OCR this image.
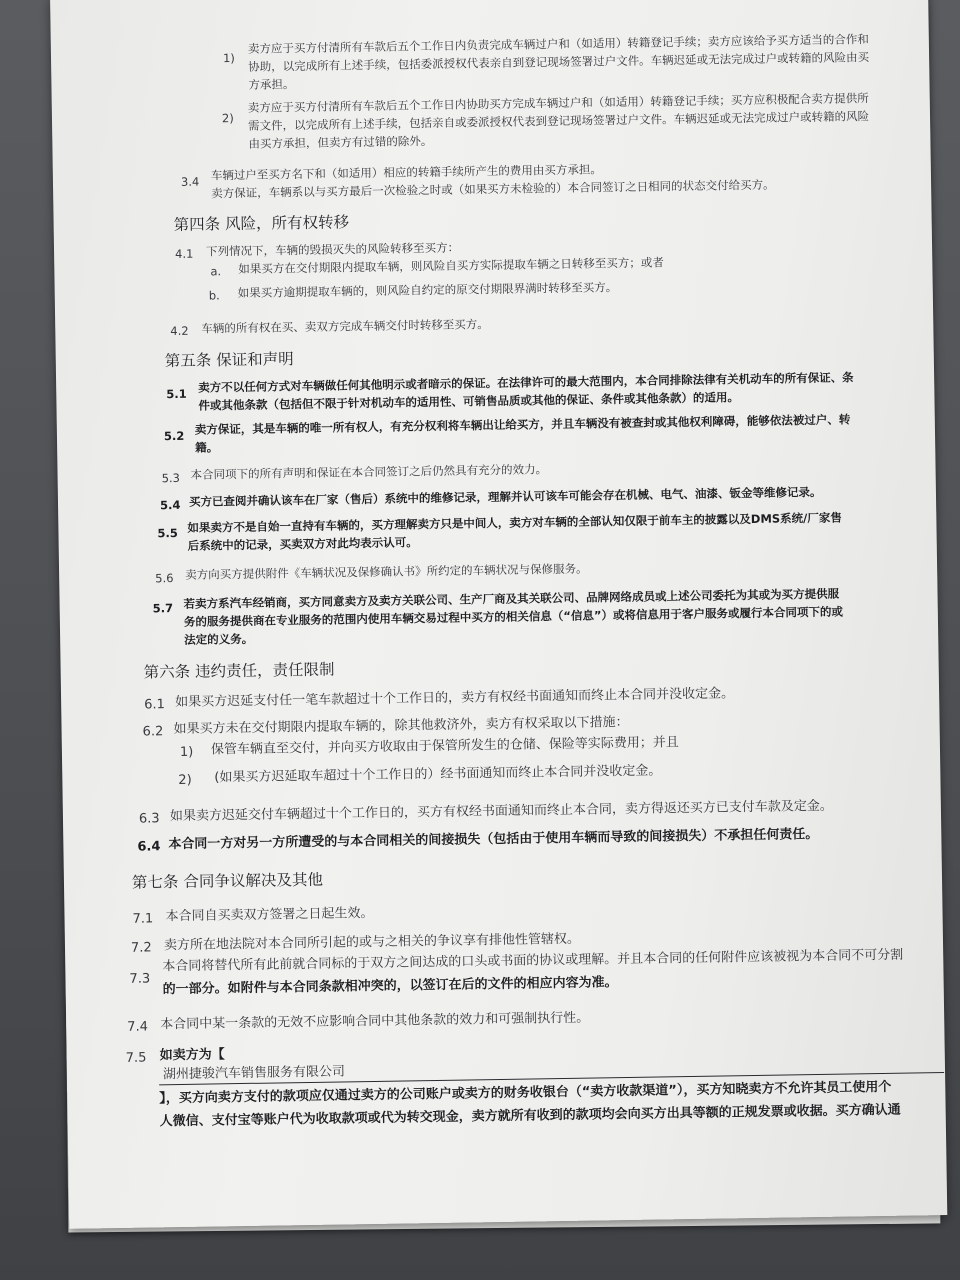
1)
卖方应于买方付清所有车款后五个工作日内负责完成车辆过户和（如适用）转籍登记手续；卖方应该给予买方适当的合作和
协助，以完成所有上述手续，包括委派授权代表亲自到登记现场签署过户文件。车辆迟延或无法完成过户或转籍的风险由买
方承担。
2)
卖方应于买方付清所有车款后五个工作日内协助买方完成车辆过户和（如适用）转籍登记手续；买方应积极配合卖方提供所
需文件，以完成所有上述手续，包括亲自或委派授权代表到登记现场签署过户文件。车辆迟延或无法完成过户或转籍的风险
由买方承担，但卖方有过错的除外。
3.4 车辆过户至买方名下和（如适用）相应的转籍手续所产生的费用由买方承担。
卖方保证，车辆系以与买方最后一次检验之时或（如果买方未检验的）本合同签订之日相同的状态交付给买方。
第四条 风险，所有权转移
4.1 下列情况下，车辆的毁损灭失的风险转移至买方：
a. 如果买方在交付期限内提取车辆，则风险自买方实际提取车辆之日转移至买方；或者
b. 如果买方逾期提取车辆的，则风险自约定的原交付期限界满时转移至买方。
4.2 车辆的所有权在买、卖双方完成车辆交付时转移至买方。
第五条 保证和声明
5.1 卖方不以任何方式对车辆做任何其他明示或者暗示的保证。在法律许可的最大范围内，本合同排除法律有关机动车的所有保证、条
件或其他条款（包括但不限于针对机动车的适用性、可销售品质或其他的保证、条件或其他条款）的适用。
5.2 卖方保证，其是车辆的唯一所有权人，有充分权利将车辆出让给买方，并且车辆没有被查封或其他权利障碍，能够依法被过户、转
籍。
5.3 本合同项下的所有声明和保证在本合同签订之后仍然具有充分的效力。
5.4 买方已查阅并确认该车在厂家（售后）系统中的维修记录，理解并认可该车可能会存在机械、电气、油漆、钣金等维修记录。
5.5 如果卖方不是自始一直持有车辆的，买方理解卖方只是中间人，卖方对车辆的全部认知仅限于前车主的披露以及DMS系统/厂家售
后系统中的记录，买卖双方对此均表示认可。
5.6 卖方向买方提供附件《车辆状况及保修确认书》所约定的车辆状况与保修服务。
5.7 若卖方系汽车经销商，买方同意卖方及卖方关联公司、生产厂商及其关联公司、品牌网络成员或上述公司委托为其或为买方提供服
务的服务提供商在专业服务的范围内使用车辆交易过程中买方的相关信息（“信息”）或将信息用于客户服务或履行本合同项下的或
法定的义务。
第六条 违约责任，责任限制
6.1 如果买方迟延支付任一笔车款超过十个工作日的，卖方有权经书面通知而终止本合同并没收定金。
6.2 如果买方未在交付期限内提取车辆的，除其他救济外，卖方有权采取以下措施：
1) 保管车辆直至交付，并向买方收取由于保管所发生的仓储、保险等实际费用；并且
2) (如果买方迟延取车超过十个工作日的）经书面通知而终止本合同并没收定金。
6.3 如果卖方迟延交付车辆超过十个工作日的，买方有权经书面通知而终止本合同，卖方得返还买方已支付车款及定金。
6.4 本合同一方对另一方所遭受的与本合同相关的间接损失（包括由于使用车辆而导致的间接损失）不承担任何责任。
第七条 合同争议解决及其他
7.1 本合同自买卖双方签署之日起生效。
7.2 卖方所在地法院对本合同所引起的或与之相关的争议享有排他性管辖权。
7.3
本合同将替代所有此前就合同标的于双方之间达成的口头或书面的协议或理解。并且本合同的任何附件应该被视为本合同不可分割
的一部分。如附件与本合同条款相冲突的，以签订在后的文件的相应内容为准。
7.4 本合同中某一条款的无效不应影响合同中其他条款的效力和可强制执行性。
7.5 如卖方为【
湖州捷骏汽车销售服务有限公司
】，买方向卖方支付的款项应仅通过卖方的公司账户或卖方的财务收银台（“卖方收款渠道”），买方知晓卖方不允许其员工使用个
人微信、支付宝等账户代为收取款项或代为转交现金，卖方就所有收到的款项均会向买方出具等额的正规发票或收据。买方确认通
